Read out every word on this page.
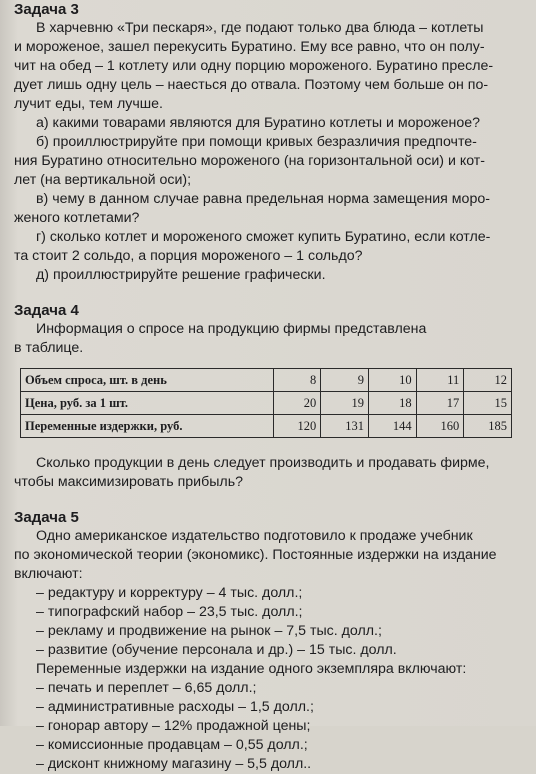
Задача 3

В харчевню «Три пескаря», где подают только два блюда – котлеты

и мороженое, зашел перекусить Буратино. Ему все равно, что он полу-

чит на обед – 1 котлету или одну порцию мороженого. Буратино пресле-

дует лишь одну цель – наесться до отвала. Поэтому чем больше он по-

лучит еды, тем лучше.

а) какими товарами являются для Буратино котлеты и мороженое?

б) проиллюстрируйте при помощи кривых безразличия предпочте-

ния Буратино относительно мороженого (на горизонтальной оси) и кот-

лет (на вертикальной оси);

в) чему в данном случае равна предельная норма замещения моро-

женого котлетами?

г) сколько котлет и мороженого сможет купить Буратино, если котле-

та стоит 2 сольдо, а порция мороженого – 1 сольдо?

д) проиллюстрируйте решение графически.

Задача 4

Информация о спросе на продукцию фирмы представлена

в таблице.

Объем спроса, шт. в день	8	9	10	11	12
Цена, руб. за 1 шт.	20	19	18	17	15
Переменные издержки, руб.	120	131	144	160	185

Сколько продукции в день следует производить и продавать фирме,

чтобы максимизировать прибыль?

Задача 5

Одно американское издательство подготовило к продаже учебник

по экономической теории (экономикс). Постоянные издержки на издание

включают:

– редактуру и корректуру – 4 тыс. долл.;

– типографский набор – 23,5 тыс. долл.;

– рекламу и продвижение на рынок – 7,5 тыс. долл.;

– развитие (обучение персонала и др.) – 15 тыс. долл.

Переменные издержки на издание одного экземпляра включают:

– печать и переплет – 6,65 долл.;

– административные расходы – 1,5 долл.;

– гонорар автору – 12% продажной цены;

– комиссионные продавцам – 0,55 долл.;

– дисконт книжному магазину – 5,5 долл..
